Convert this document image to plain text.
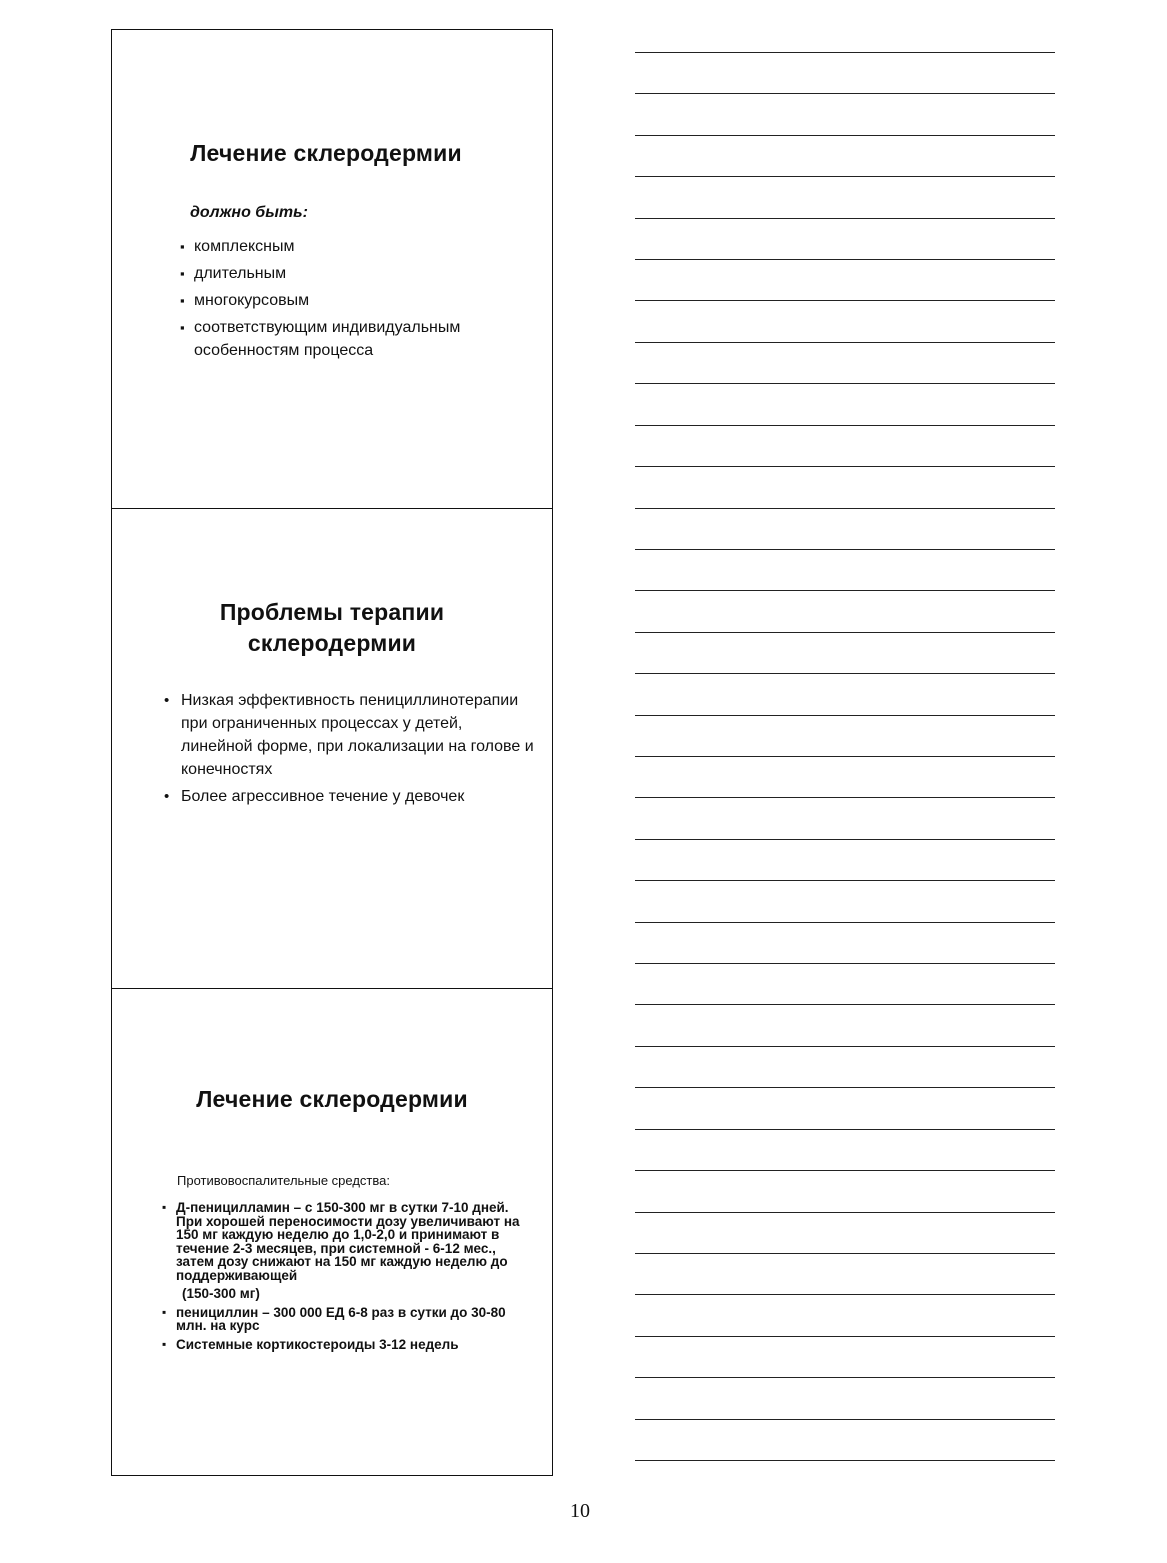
Лечение склеродермии
должно быть:
▪ комплексным
▪ длительным
▪ многокурсовым
▪ соответствующим индивидуальным особенностям процесса
Проблемы терапии склеродермии
• Низкая эффективность пенициллинотерапии при ограниченных процессах у детей, линейной форме, при локализации на голове и конечностях
• Более агрессивное течение у девочек
Лечение склеродермии
Противовоспалительные средства:
▪ Д-пеницилламин – с 150-300 мг в сутки 7-10 дней. При хорошей переносимости дозу увеличивают на 150 мг каждую неделю до 1,0-2,0 и принимают в течение 2-3 месяцев, при системной - 6-12 мес., затем дозу снижают на 150 мг каждую неделю до поддерживающей
(150-300 мг)
▪ пенициллин – 300 000 ЕД 6-8 раз в сутки до 30-80 млн. на курс
▪ Системные кортикостероиды 3-12 недель
10
